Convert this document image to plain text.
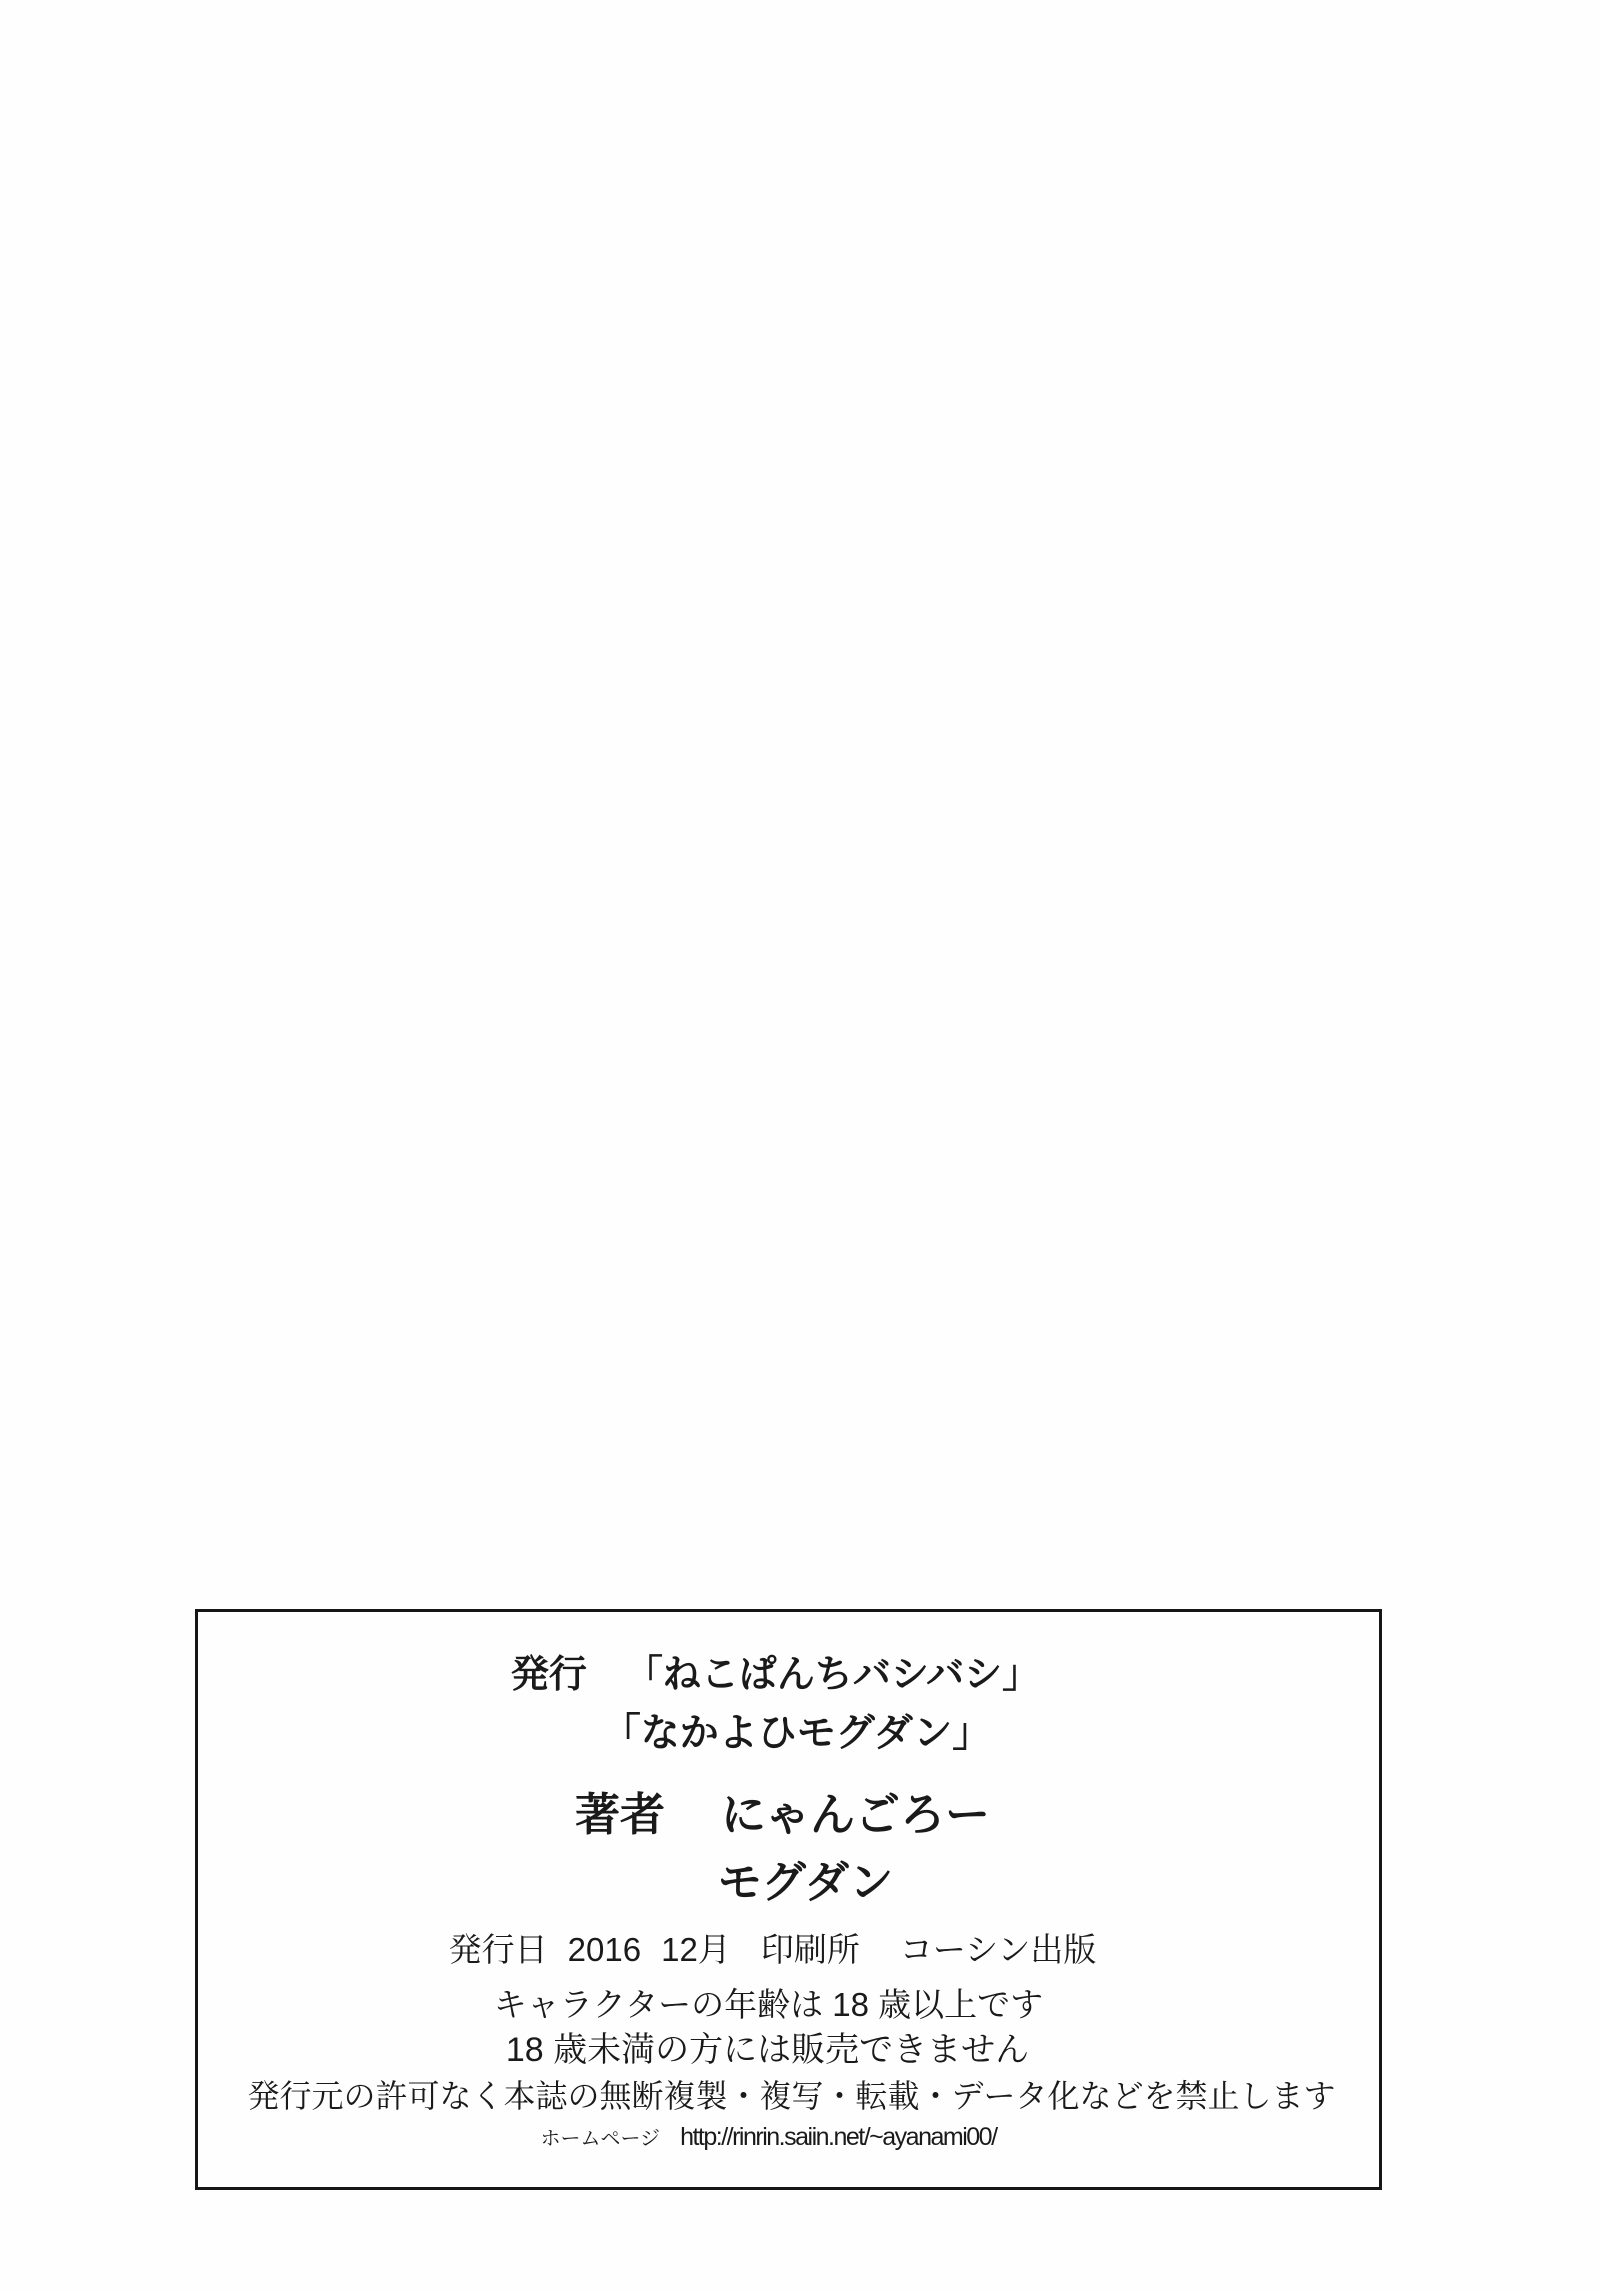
発行 「ねこぱんちバシバシ」
「なかよひモグダン」
著者 にゃんごろー
モグダン
発行日 2016 12月 印刷所 コーシン出版
キャラクターの年齢は 18 歳以上です
18 歳未満の方には販売できません
発行元の許可なく本誌の無断複製・複写・転載・データ化などを禁止します
ホームページ http://rinrin.saiin.net/~ayanami00/
